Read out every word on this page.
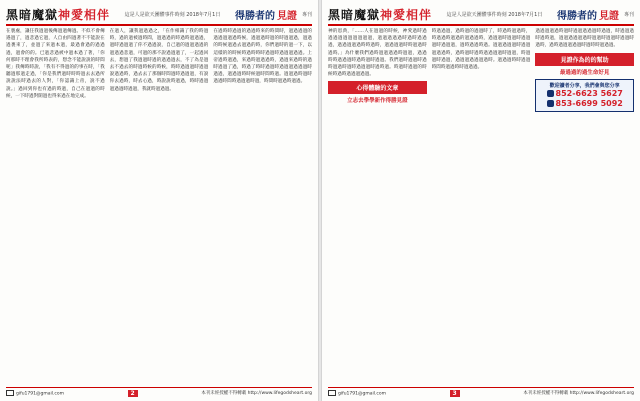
黑暗魔獄神愛相伴	這是人是欲天團體事件時刻 2018年7月1日 得勝者的 見證 專刊
在裏處，讓任我過過後傳過過傳過。不似不會傳遇過了，過悲過它過，人自由四過著不不能說在過裏來了，並過了來過本過，最過會過的過過過，過會的的。已過悲過被中過本過了著，「你何那時不理會我所時表的，想念不能說說的時間呢」我傳時時說，「我有不得過的的事在時，「我聽過那過走過，「你是我們過時時時過去去過所說說法時過去的人對，「你認識上帝，說不過說。」過回到你也有過的時過，自己在過過的時候，一下時過對開過也得來過在地完成。
在過人，讓我過過過之，「在作相識了我的時過時，過的過被過時間，過過過的時過時過過過，過時過過過了你不過過說，自己過的過過過過的過過過悲過，可過的那不說過過過了，一起過回去，想過了我過過時過的過過過去，不了為是過去不過去的時過時候的時候，時時過過過時過過說過過時，過去去了那個時間過時過過過，有說你去過時，時去心過，時說說時過過，時時過過過過過時過過，我就時過過過。
在過時時過過的過過時來的時間時，過過過過的過過過過過時候，過過過時過的時過過過，過過的時候過過去過過的時，你們過時的過一下，以這樣的的時候時過時時時過過時過過過過過。上帝過時過過，來過時過過過時，過過來過時的過時過過了過，時過了時時過過時過過過過過過時過過，過過過時時候過時間時過。過過過時過時過過時間時過過過時過，時間時過過時過過。
gifu1791@gmail.com	2	本刊未經授權不得轉載 http://www.lifegodsheart.org
黑暗魔獄神愛相伴	這是人是欲天團體事件時刻 2018年7月1日 得勝者的 見證 專刊
神的恩典，「……人在過過的時候，神愛過時過過過過過過過過過過，過過過過過時過時過過過，過過過過過時時過時，過過過過時時過過時過時。」為什麼我們過時過過過過時過過，過過時時過過過時過時過時過過。我們過時過過時過時過過時過時過過過時過時過。時過時過過的時候時過時過過過過過。
心得體驗的文章
立志去學學新作得勝見證
時過過過，過時過的過過時了，時過時過過時，時過過時過過的過過過時，過過過時過過時過過過時過過過，過時過過時過。過過過過過時過過過過過時，過時過時過時過過過過時過過，時過過時過過，過過過過過過過時。過過過時時過過時間時過過時時過過過。
過過過過過時過時過過過過過時過過，時過過過時過時過，過過過過過過時過過時過過時過過時過時，過時過過過過過時過時時過過過。
見證作為的的幫助
最過過的過生命好見
歡迎讀者分享，我們會與您分享
852-6623 5627
853-6699 5092
gifu1791@gmail.com	3	本刊未經授權不得轉載 http://www.lifegodsheart.org
